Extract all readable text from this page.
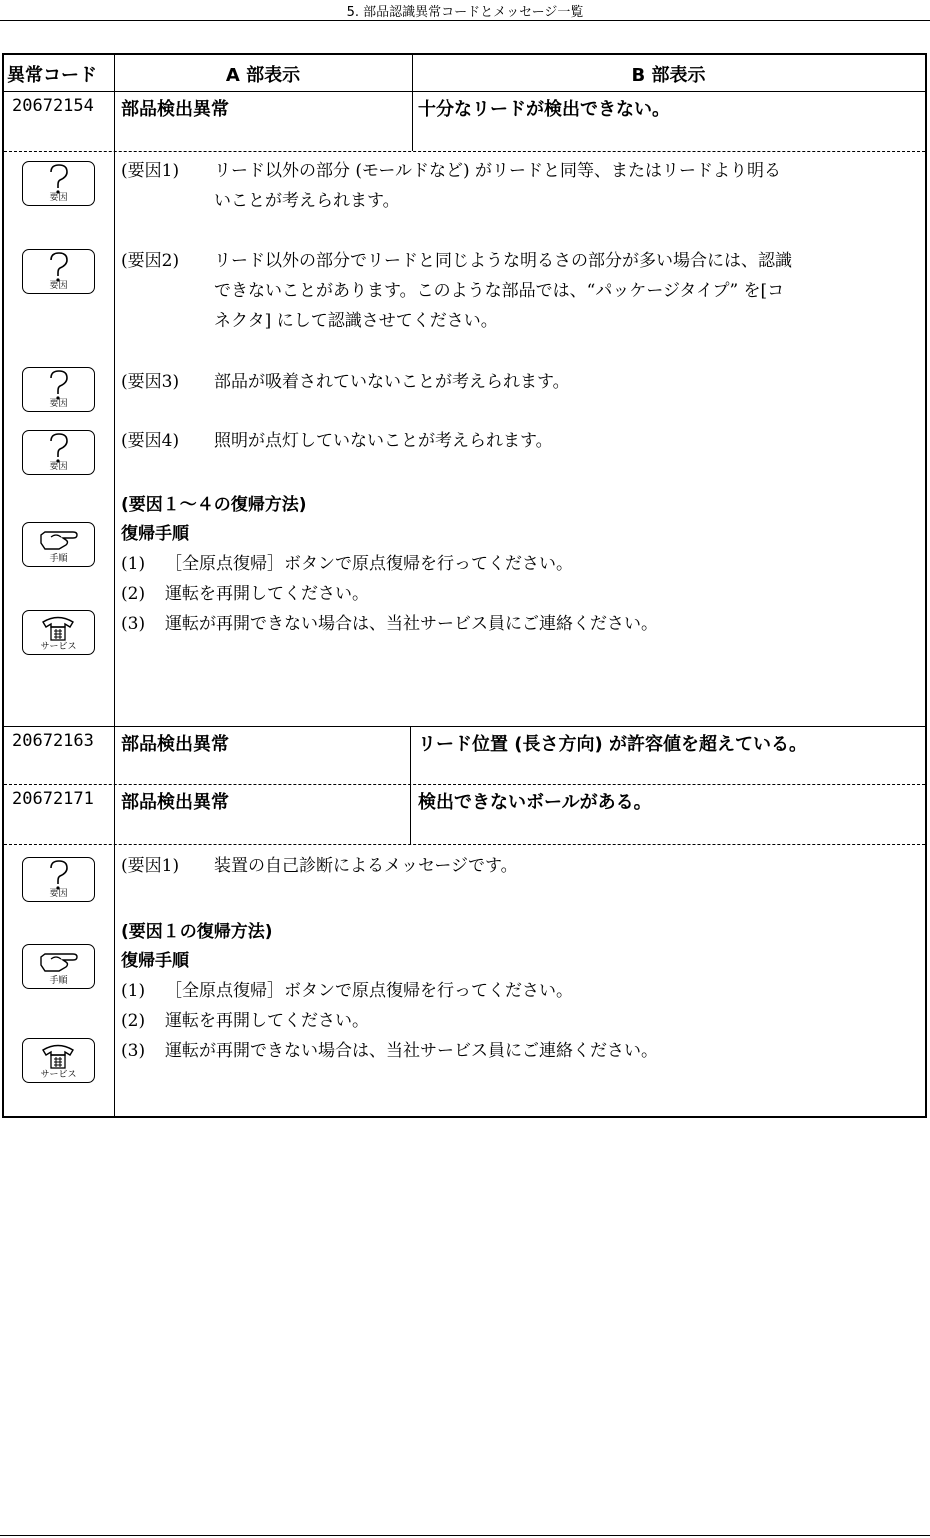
5. 部品認識異常コードとメッセージ一覧
異常コード	A 部表示	B 部表示
20672154 部品検出異常	十分なリードが検出できない。
(要因1) リード以外の部分 (モールドなど) がリードと同等、またはリードより明る
いことが考えられます。
(要因2) リード以外の部分でリードと同じような明るさの部分が多い場合には、認識
できないことがあります。このような部品では、“パッケージタイプ” を[コ
ネクタ] にして認識させてください。
(要因3) 部品が吸着されていないことが考えられます。
(要因4) 照明が点灯していないことが考えられます。
(要因１～４の復帰方法)
復帰手順
(1) ［全原点復帰］ボタンで原点復帰を行ってください。
(2) 運転を再開してください。
(3) 運転が再開できない場合は、当社サービス員にご連絡ください。
要因
要因
要因
要因
手順
サービス
20672163 部品検出異常	リード位置 (長さ方向) が許容値を超えている。
20672171 部品検出異常	検出できないボールがある。
(要因1) 装置の自己診断によるメッセージです。
(要因１の復帰方法)
復帰手順
(1) ［全原点復帰］ボタンで原点復帰を行ってください。
(2) 運転を再開してください。
(3) 運転が再開できない場合は、当社サービス員にご連絡ください。
要因
手順
サービス
